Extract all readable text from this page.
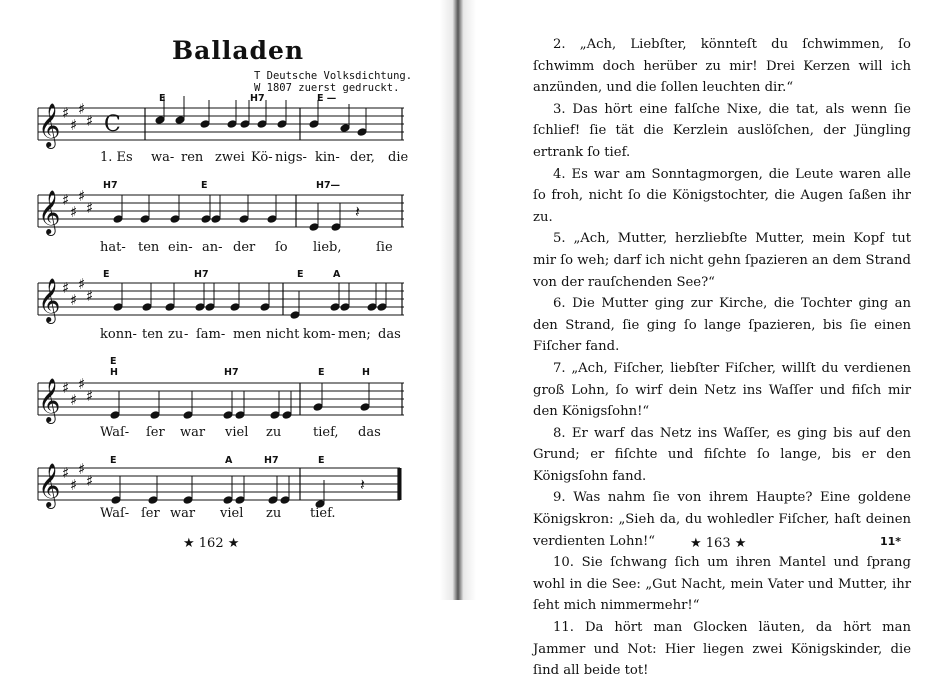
Balladen
T Deutsche Volksdichtung.
W 1807 zuerst gedruckt.
𝄞 ♯
♯
♯
♯ C
𝄞 ♯
♯
♯
♯	𝄽
𝄞 ♯
♯
♯
♯
𝄞 ♯
♯
♯
♯
𝄞 ♯
♯
♯
♯	𝄽
E	H7	E —
H7	E	H7—
E	H7	E	A
E
H	H7	E	H
E	A	H7	E
1. Es wa- ren zwei Kö- nigs- kin- der, die
hat- ten ein- an- der ſo lieb,	ſie
konn- ten zu - ſam- men nicht kom- men; das
Waſ- ſer war viel zu tief, das
Waſ- ſer war viel zu tief.
★ 162 ★

2. „Ach, Liebſter, könnteſt du ſchwimmen, ſo ſchwimm doch herüber zu mir! Drei Kerzen will ich anzünden, und die ſollen leuchten dir.“

3. Das hört eine falſche Nixe, die tat, als wenn ſie ſchlief! ſie tät die Kerzlein auslöſchen, der Jüngling ertrank ſo tief.

4. Es war am Sonntagmorgen, die Leute waren alle ſo froh, nicht ſo die Königstochter, die Augen ſaßen ihr zu.

5. „Ach, Mutter, herzliebſte Mutter, mein Kopf tut mir ſo weh; darf ich nicht gehn ſpazieren an dem Strand von der rauſchenden See?“

6. Die Mutter ging zur Kirche, die Tochter ging an den Strand, ſie ging ſo lange ſpazieren, bis ſie einen Fiſcher fand.

7. „Ach, Fiſcher, liebſter Fiſcher, willſt du verdienen groß Lohn, ſo wirf dein Netz ins Waſſer und fiſch mir den Königsſohn!“

8. Er warf das Netz ins Waſſer, es ging bis auf den Grund; er fiſchte und fiſchte ſo lange, bis er den Königsſohn fand.

9. Was nahm ſie von ihrem Haupte? Eine goldene Königskron: „Sieh da, du wohledler Fiſcher, haſt deinen verdienten Lohn!“

10. Sie ſchwang ſich um ihren Mantel und ſprang wohl in die See: „Gut Nacht, mein Vater und Mutter, ihr ſeht mich nimmermehr!“

11. Da hört man Glocken läuten, da hört man Jammer und Not: Hier liegen zwei Königskinder, die ſind all beide tot!

★ 163 ★	11*
